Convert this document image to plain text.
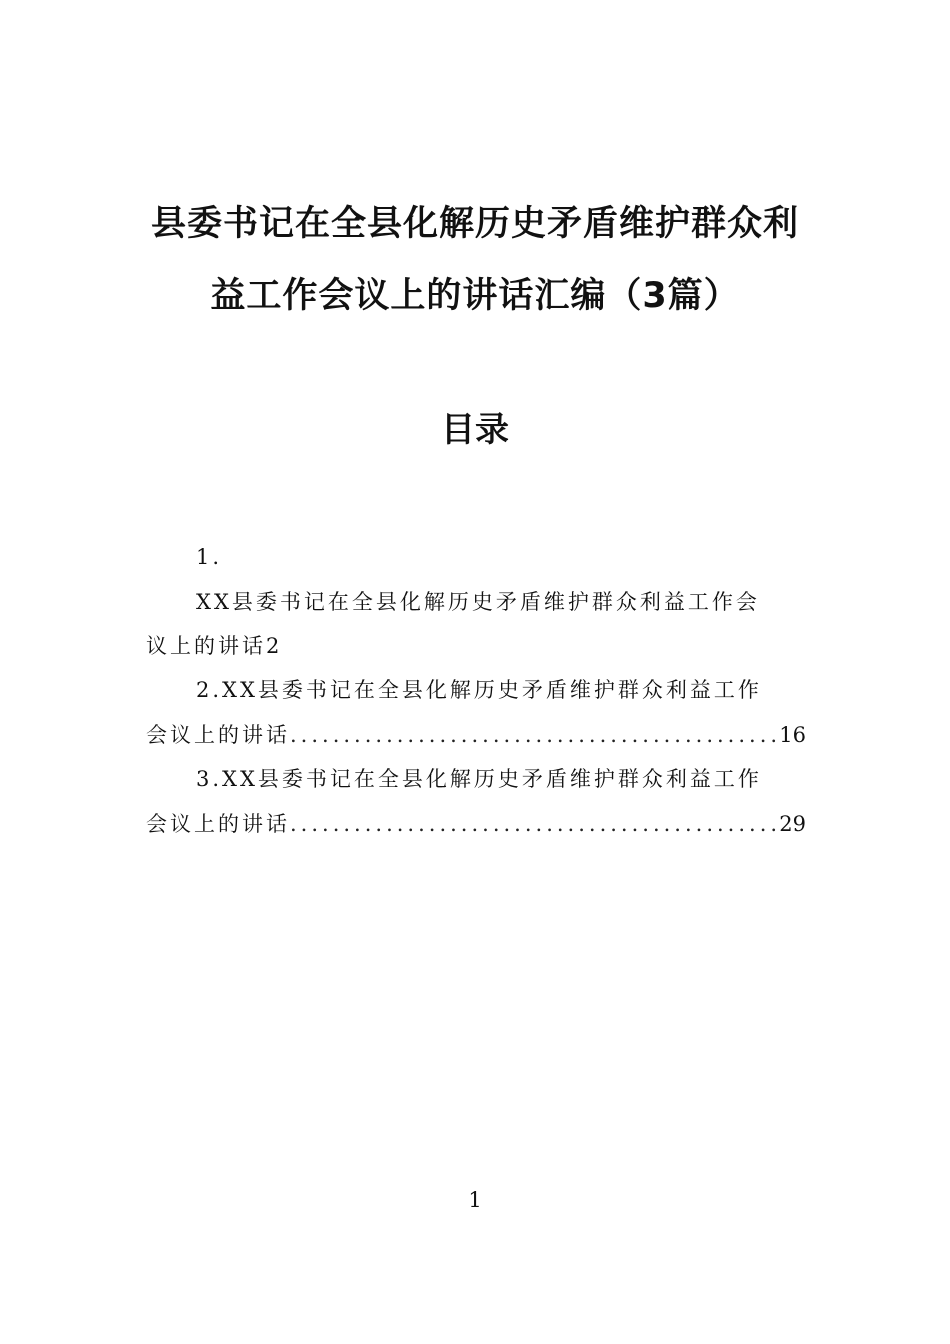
县委书记在全县化解历史矛盾维护群众利
益工作会议上的讲话汇编（3篇）
目录
1.
XX县委书记在全县化解历史矛盾维护群众利益工作会
议上的讲话2
2.XX县委书记在全县化解历史矛盾维护群众利益工作
会议上的讲话 .....	16
3.XX县委书记在全县化解历史矛盾维护群众利益工作
会议上的讲话 .....	29
1
